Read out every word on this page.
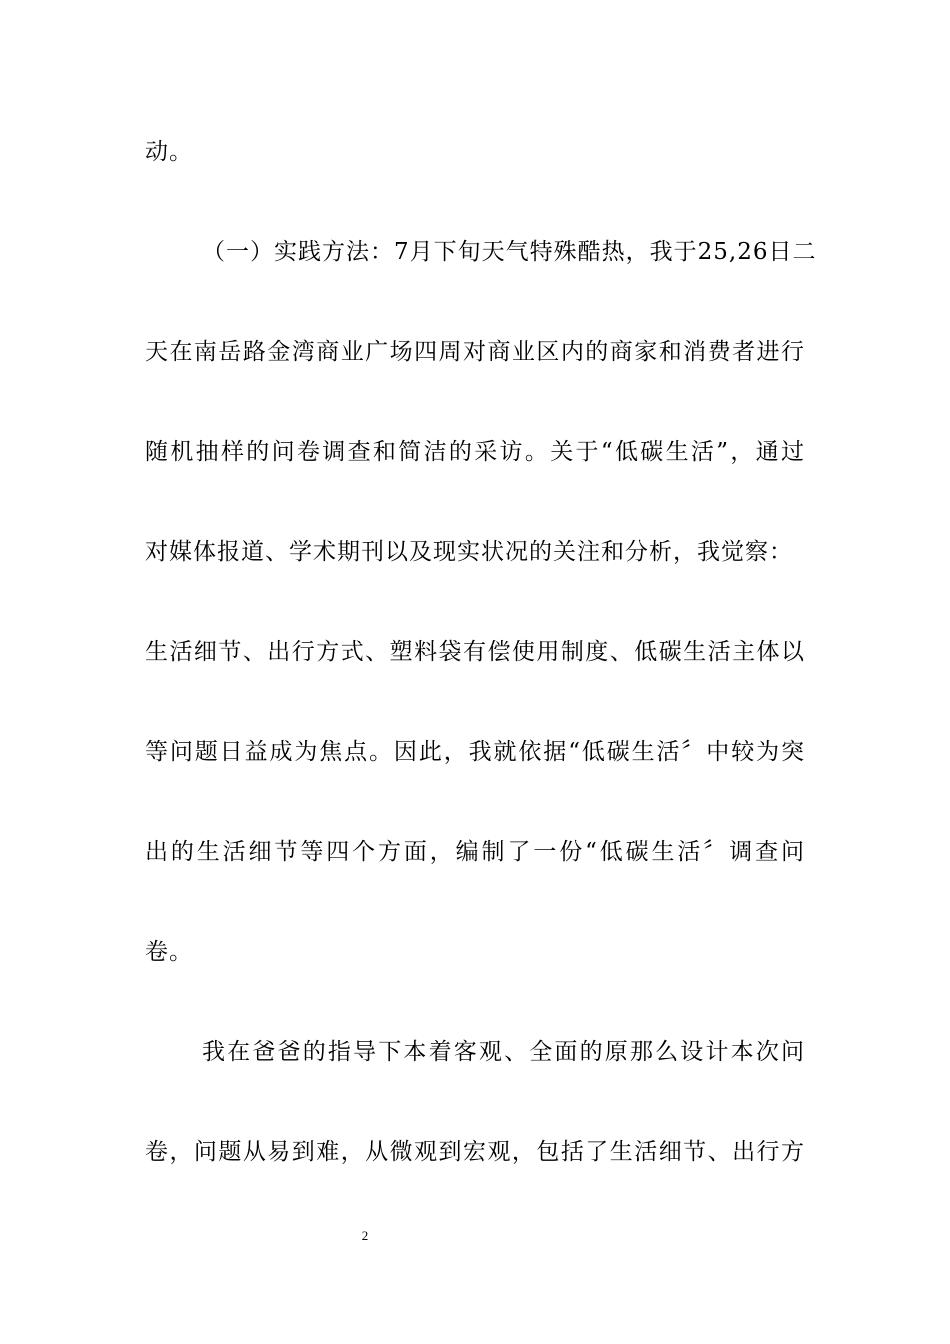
动。
（一）实践方法：7月下旬天气特殊酷热，我于25,26日二
天在南岳路金湾商业广场四周对商业区内的商家和消费者进行
随机抽样的问卷调查和简洁的采访。关于“低碳生活”，通过
对媒体报道、学术期刊以及现实状况的关注和分析，我觉察：
生活细节、出行方式、塑料袋有偿使用制度、低碳生活主体以
等问题日益成为焦点。因此，我就依据“低碳生活〞中较为突
出的生活细节等四个方面，编制了一份“低碳生活〞调查问
卷。
我在爸爸的指导下本着客观、全面的原那么设计本次问
卷，问题从易到难，从微观到宏观，包括了生活细节、出行方
2
